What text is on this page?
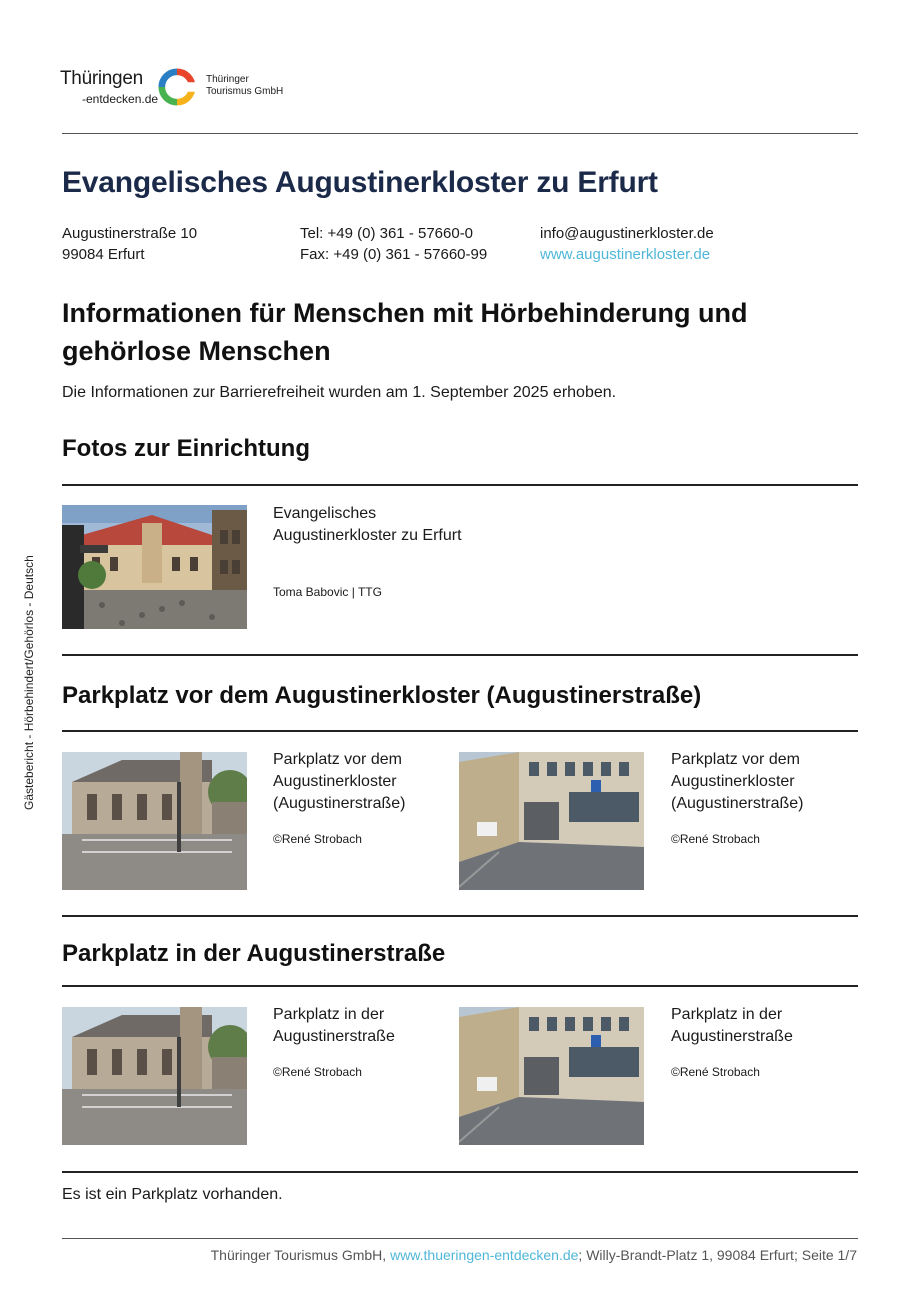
Thüringen
-entdecken.de
Thüringer
Tourismus GmbH
Evangelisches Augustinerkloster zu Erfurt
Augustinerstraße 10
99084 Erfurt
Tel: +49 (0) 361 - 57660-0
Fax: +49 (0) 361 - 57660-99
info@augustinerkloster.de
www.augustinerkloster.de
Informationen für Menschen mit Hörbehinderung und gehörlose Menschen
Die Informationen zur Barrierefreiheit wurden am 1. September 2025 erhoben.
Fotos zur Einrichtung
Evangelisches Augustinerkloster zu Erfurt
Toma Babovic | TTG
Parkplatz vor dem Augustinerkloster (Augustinerstraße)
Parkplatz vor dem Augustinerkloster (Augustinerstraße)
©René Strobach
Parkplatz vor dem Augustinerkloster (Augustinerstraße)
©René Strobach
Parkplatz in der Augustinerstraße
Parkplatz in der Augustinerstraße
©René Strobach
Parkplatz in der Augustinerstraße
©René Strobach
Es ist ein Parkplatz vorhanden.
Thüringer Tourismus GmbH, www.thueringen-entdecken.de; Willy-Brandt-Platz 1, 99084 Erfurt; Seite 1/7
Gästebericht - Hörbehindert/Gehörlos - Deutsch
